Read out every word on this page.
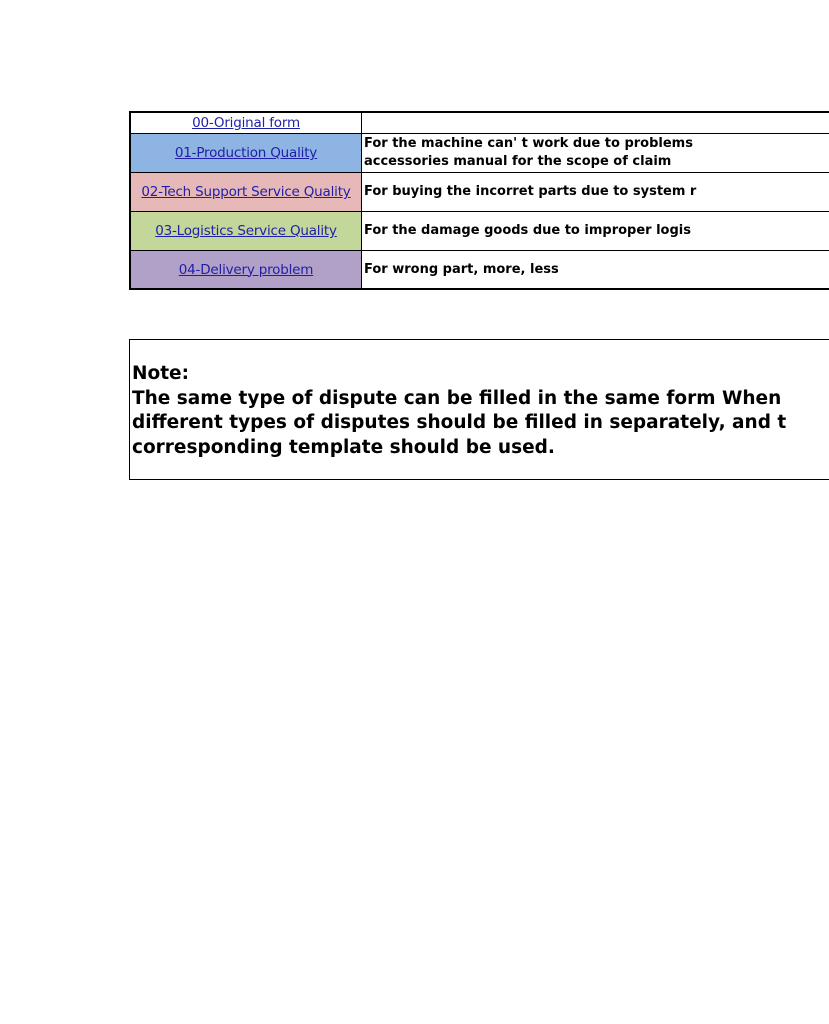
00-Original form
01-Production Quality
For the machine can' t work due to problems
accessories manual for the scope of claim
02-Tech Support Service Quality For buying the incorret parts due to system r
03-Logistics Service Quality For the damage goods due to improper logis
04-Delivery problem	For wrong part, more, less
Note:
The same type of dispute can be filled in the same form When
different types of disputes should be filled in separately, and t
corresponding template should be used.
